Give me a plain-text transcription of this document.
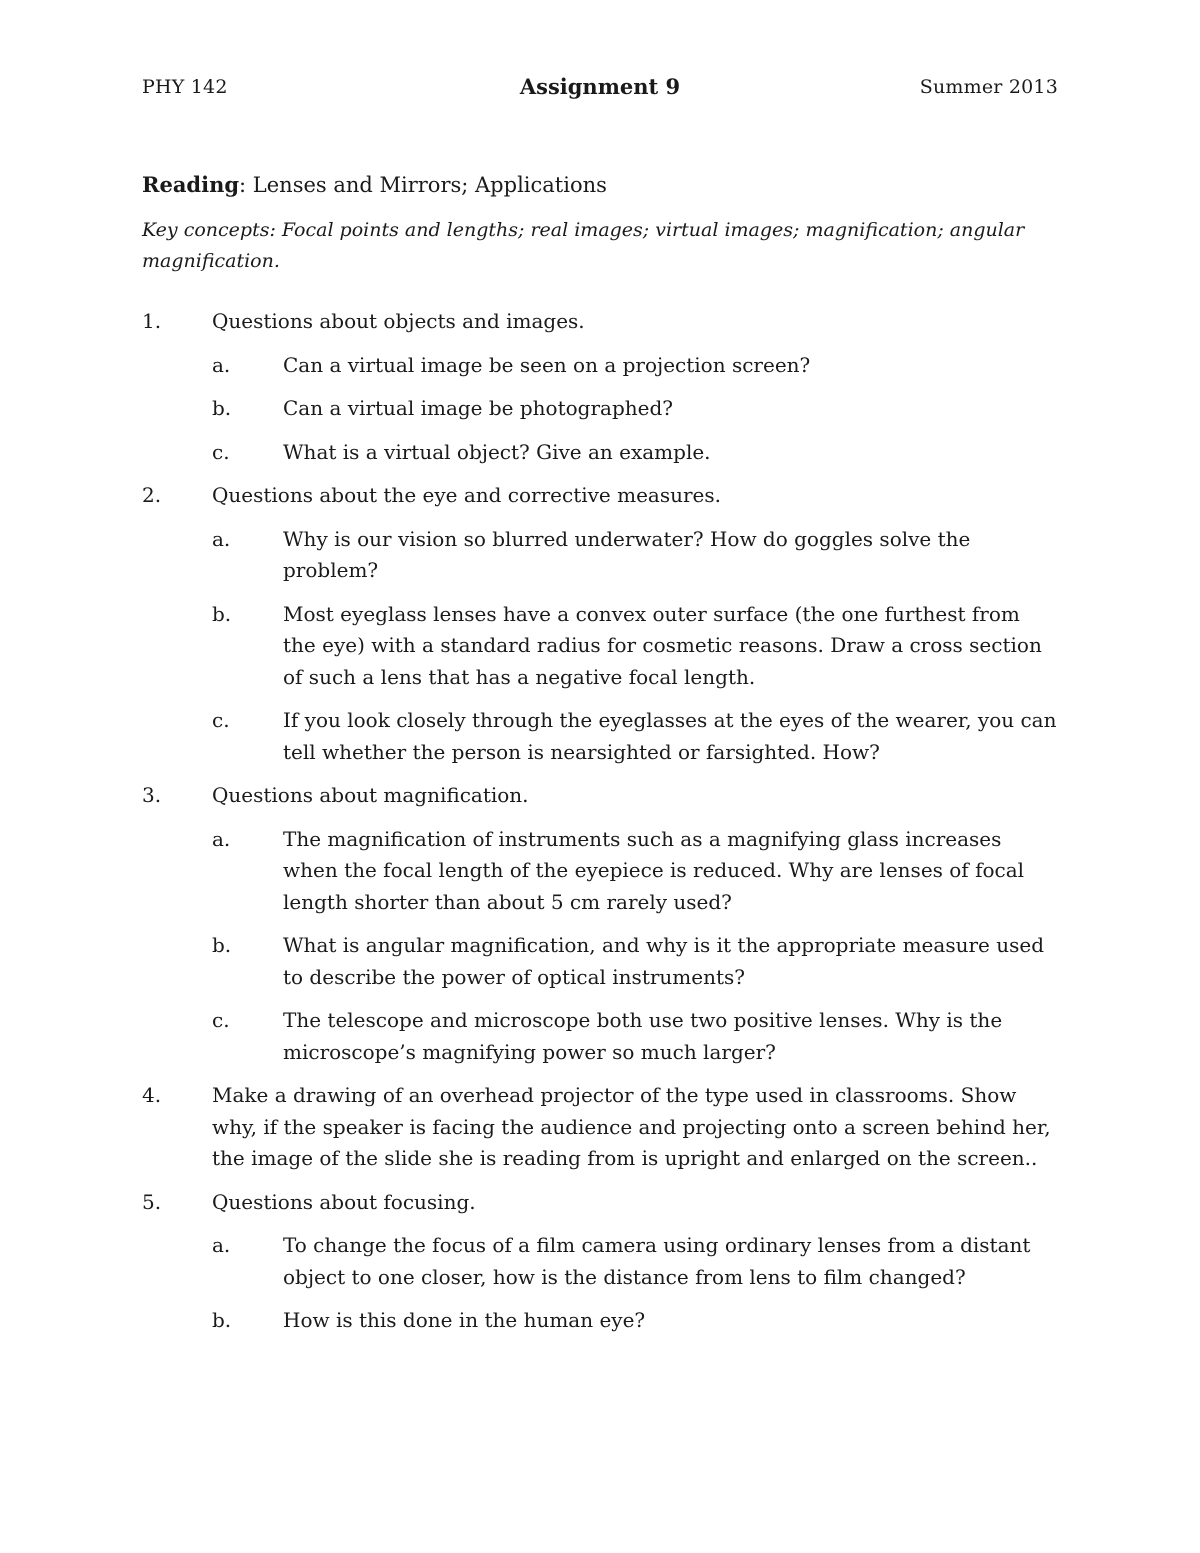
PHY 142	Assignment 9	Summer 2013
Reading: Lenses and Mirrors; Applications
Key concepts: Focal points and lengths; real images; virtual images; magnification; angular magnification.
1.	Questions about objects and images.
a.	Can a virtual image be seen on a projection screen?
b.	Can a virtual image be photographed?
c.	What is a virtual object? Give an example.
2.	Questions about the eye and corrective measures.
a.	Why is our vision so blurred underwater? How do goggles solve the problem?
b.	Most eyeglass lenses have a convex outer surface (the one furthest from the eye) with a standard radius for cosmetic reasons. Draw a cross section of such a lens that has a negative focal length.
c.	If you look closely through the eyeglasses at the eyes of the wearer, you can tell whether the person is nearsighted or farsighted. How?
3.	Questions about magnification.
a.	The magnification of instruments such as a magnifying glass increases when the focal length of the eyepiece is reduced. Why are lenses of focal length shorter than about 5 cm rarely used?
b.	What is angular magnification, and why is it the appropriate measure used to describe the power of optical instruments?
c.	The telescope and microscope both use two positive lenses. Why is the microscope’s magnifying power so much larger?
4.	Make a drawing of an overhead projector of the type used in classrooms. Show why, if the speaker is facing the audience and projecting onto a screen behind her, the image of the slide she is reading from is upright and enlarged on the screen..
5.	Questions about focusing.
a.	To change the focus of a film camera using ordinary lenses from a distant object to one closer, how is the distance from lens to film changed?
b.	How is this done in the human eye?
